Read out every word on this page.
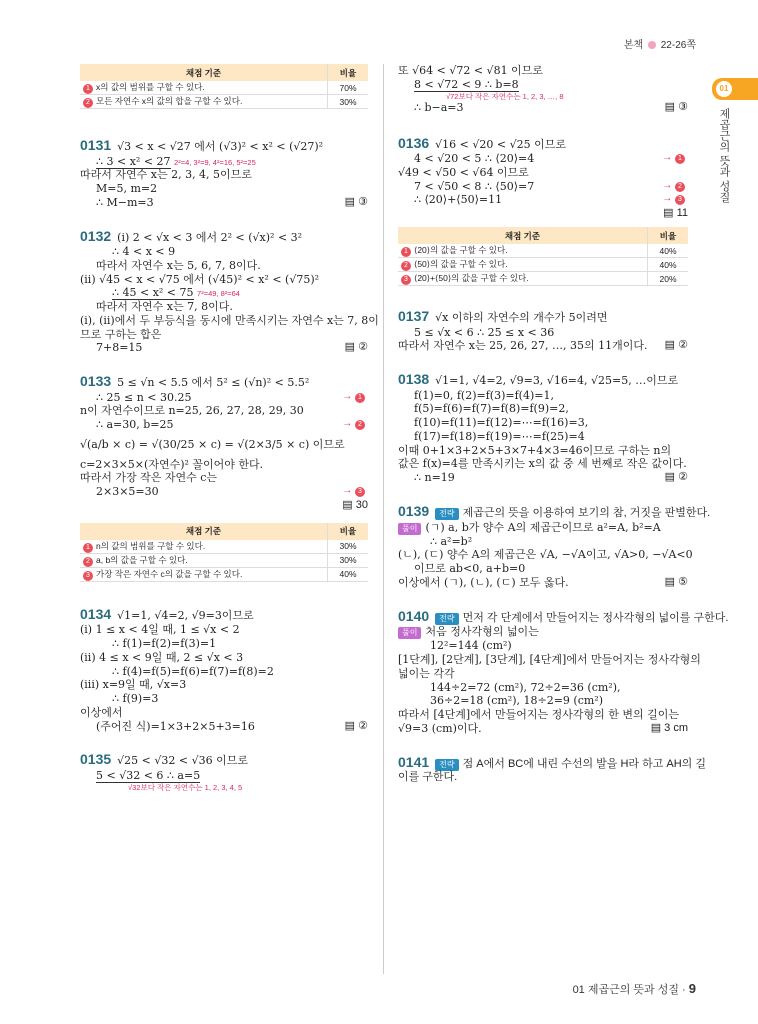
본책 22-26쪽
01
제곱근의 뜻과 성질
채점 기준	비율
1 x의 값의 범위를 구할 수 있다.	70%
2 모든 자연수 x의 값의 합을 구할 수 있다.	30%
0131 √3 < x < √27 에서 (√3)² < x² < (√27)²
∴ 3 < x² < 27 2²=4, 3²=9, 4²=16, 5²=25
따라서 자연수 x는 2, 3, 4, 5이므로
M=5, m=2
∴ M−m=3	▤ ③
0132 (i) 2 < √x < 3 에서 2² < (√x)² < 3²
∴ 4 < x < 9
따라서 자연수 x는 5, 6, 7, 8이다.
(ii) √45 < x < √75 에서 (√45)² < x² < (√75)²
∴ 45 < x² < 75 7²=49, 8²=64
따라서 자연수 x는 7, 8이다.
(i), (ii)에서 두 부등식을 동시에 만족시키는 자연수 x는 7, 8이
므로 구하는 합은
7+8=15	▤ ②
0133 5 ≤ √n < 5.5 에서 5² ≤ (√n)² < 5.5²
∴ 25 ≤ n < 30.25	→ 1
n이 자연수이므로 n=25, 26, 27, 28, 29, 30
∴ a=30, b=25	→ 2
√(a/b × c) = √(30/25 × c) = √(2×3/5 × c) 이므로
c=2×3×5×(자연수)² 꼴이어야 한다.
따라서 가장 작은 자연수 c는
2×3×5=30	→ 3
▤ 30
채점 기준	비율
1 n의 값의 범위를 구할 수 있다.	30%
2 a, b의 값을 구할 수 있다.	30%
3 가장 작은 자연수 c의 값을 구할 수 있다.	40%
0134 √1=1, √4=2, √9=3이므로
(i) 1 ≤ x < 4일 때, 1 ≤ √x < 2
∴ f(1)=f(2)=f(3)=1
(ii) 4 ≤ x < 9일 때, 2 ≤ √x < 3
∴ f(4)=f(5)=f(6)=f(7)=f(8)=2
(iii) x=9일 때, √x=3
∴ f(9)=3
이상에서
(주어진 식)=1×3+2×5+3=16	▤ ②
0135 √25 < √32 < √36 이므로
5 < √32 < 6 ∴ a=5
√32보다 작은 자연수는 1, 2, 3, 4, 5
또 √64 < √72 < √81 이므로
8 < √72 < 9 ∴ b=8
√72보다 작은 자연수는 1, 2, 3, …, 8
∴ b−a=3	▤ ③
0136 √16 < √20 < √25 이므로
4 < √20 < 5 ∴ ⟨20⟩=4	→ 1
√49 < √50 < √64 이므로
7 < √50 < 8 ∴ ⟨50⟩=7	→ 2
∴ ⟨20⟩+⟨50⟩=11	→ 3
▤ 11
채점 기준	비율
1 ⟨20⟩의 값을 구할 수 있다.	40%
2 ⟨50⟩의 값을 구할 수 있다.	40%
3 ⟨20⟩+⟨50⟩의 값을 구할 수 있다.	20%
0137 √x 이하의 자연수의 개수가 5이려면
5 ≤ √x < 6 ∴ 25 ≤ x < 36
따라서 자연수 x는 25, 26, 27, …, 35의 11개이다. ▤ ②
0138 √1=1, √4=2, √9=3, √16=4, √25=5, …이므로
f(1)=0, f(2)=f(3)=f(4)=1,
f(5)=f(6)=f(7)=f(8)=f(9)=2,
f(10)=f(11)=f(12)=⋯=f(16)=3,
f(17)=f(18)=f(19)=⋯=f(25)=4
이때 0+1×3+2×5+3×7+4×3=46이므로 구하는 n의
값은 f(x)=4를 만족시키는 x의 값 중 세 번째로 작은 값이다.
∴ n=19	▤ ②
0139 전략 제곱근의 뜻을 이용하여 보기의 참, 거짓을 판별한다.
풀이 (ㄱ) a, b가 양수 A의 제곱근이므로 a²=A, b²=A
∴ a²=b²
(ㄴ), (ㄷ) 양수 A의 제곱근은 √A, −√A이고, √A>0, −√A<0
이므로 ab<0, a+b=0
이상에서 (ㄱ), (ㄴ), (ㄷ) 모두 옳다.	▤ ⑤
0140 전략 먼저 각 단계에서 만들어지는 정사각형의 넓이를 구한다.
풀이 처음 정사각형의 넓이는
12²=144 (cm²)
[1단계], [2단계], [3단계], [4단계]에서 만들어지는 정사각형의
넓이는 각각
144÷2=72 (cm²), 72÷2=36 (cm²),
36÷2=18 (cm²), 18÷2=9 (cm²)
따라서 [4단계]에서 만들어지는 정사각형의 한 변의 길이는
√9=3 (cm)이다.	▤ 3 cm
0141 전략 점 A에서 BC에 내린 수선의 발을 H라 하고 AH의 길
이를 구한다.
01 제곱근의 뜻과 성질 · 9
